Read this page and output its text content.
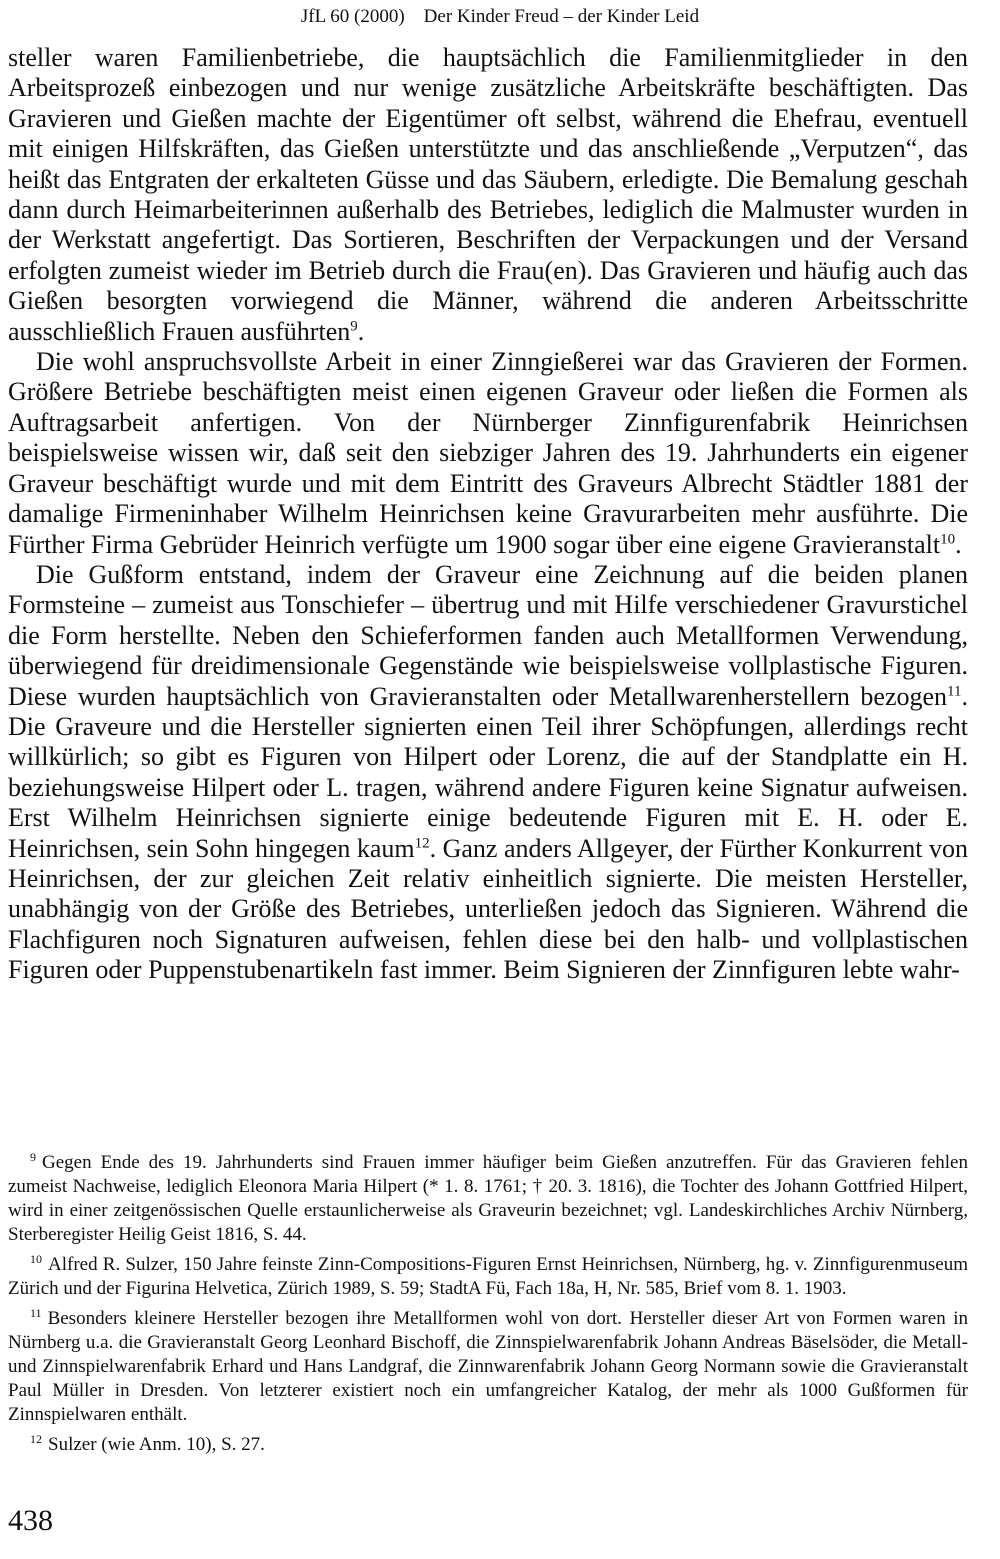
JfL 60 (2000) Der Kinder Freud – der Kinder Leid

steller waren Familienbetriebe, die hauptsächlich die Familienmitglieder in den Arbeitsprozeß einbezogen und nur wenige zusätzliche Arbeitskräfte beschäftigten. Das Gravieren und Gießen machte der Eigentümer oft selbst, während die Ehefrau, eventuell mit einigen Hilfskräften, das Gießen unterstützte und das anschließende „Verputzen“, das heißt das Entgraten der erkalteten Güsse und das Säubern, erledigte. Die Bemalung geschah dann durch Heimarbeiterinnen außerhalb des Betriebes, lediglich die Malmuster wurden in der Werkstatt angefertigt. Das Sortieren, Beschriften der Verpackungen und der Versand erfolgten zumeist wieder im Betrieb durch die Frau(en). Das Gravieren und häufig auch das Gießen besorgten vorwiegend die Männer, während die anderen Arbeitsschritte ausschließlich Frauen ausführten$^9$.

Die wohl anspruchsvollste Arbeit in einer Zinngießerei war das Gravieren der Formen. Größere Betriebe beschäftigten meist einen eigenen Graveur oder ließen die Formen als Auftragsarbeit anfertigen. Von der Nürnberger Zinnfigurenfabrik Heinrichsen beispielsweise wissen wir, daß seit den siebziger Jahren des 19. Jahrhunderts ein eigener Graveur beschäftigt wurde und mit dem Eintritt des Graveurs Albrecht Städtler 1881 der damalige Firmeninhaber Wilhelm Heinrichsen keine Gravurarbeiten mehr ausführte. Die Fürther Firma Gebrüder Heinrich verfügte um 1900 sogar über eine eigene Gravieranstalt$^{10}$.

Die Gußform entstand, indem der Graveur eine Zeichnung auf die beiden planen Formsteine – zumeist aus Tonschiefer – übertrug und mit Hilfe verschiedener Gravurstichel die Form herstellte. Neben den Schieferformen fanden auch Metallformen Verwendung, überwiegend für dreidimensionale Gegenstände wie beispielsweise vollplastische Figuren. Diese wurden hauptsächlich von Gravieranstalten oder Metallwarenherstellern bezogen$^{11}$. Die Graveure und die Hersteller signierten einen Teil ihrer Schöpfungen, allerdings recht willkürlich; so gibt es Figuren von Hilpert oder Lorenz, die auf der Standplatte ein H. beziehungsweise Hilpert oder L. tragen, während andere Figuren keine Signatur aufweisen. Erst Wilhelm Heinrichsen signierte einige bedeutende Figuren mit E. H. oder E. Heinrichsen, sein Sohn hingegen kaum$^{12}$. Ganz anders Allgeyer, der Fürther Konkurrent von Heinrichsen, der zur gleichen Zeit relativ einheitlich signierte. Die meisten Hersteller, unabhängig von der Größe des Betriebes, unterließen jedoch das Signieren. Während die Flachfiguren noch Signaturen aufweisen, fehlen diese bei den halb- und vollplastischen Figuren oder Puppenstubenartikeln fast immer. Beim Signieren der Zinnfiguren lebte wahr-

$^9$ Gegen Ende des 19. Jahrhunderts sind Frauen immer häufiger beim Gießen anzutreffen. Für das Gravieren fehlen zumeist Nachweise, lediglich Eleonora Maria Hilpert (* 1. 8. 1761; † 20. 3. 1816), die Tochter des Johann Gottfried Hilpert, wird in einer zeitgenössischen Quelle erstaunlicherweise als Graveurin bezeichnet; vgl. Landeskirchliches Archiv Nürnberg, Sterberegister Heilig Geist 1816, S. 44.

$^{10}$ Alfred R. Sulzer, 150 Jahre feinste Zinn-Compositions-Figuren Ernst Heinrichsen, Nürnberg, hg. v. Zinnfigurenmuseum Zürich und der Figurina Helvetica, Zürich 1989, S. 59; StadtA Fü, Fach 18a, H, Nr. 585, Brief vom 8. 1. 1903.

$^{11}$ Besonders kleinere Hersteller bezogen ihre Metallformen wohl von dort. Hersteller dieser Art von Formen waren in Nürnberg u.a. die Gravieranstalt Georg Leonhard Bischoff, die Zinnspielwarenfabrik Johann Andreas Bäselsöder, die Metall- und Zinnspielwarenfabrik Erhard und Hans Landgraf, die Zinnwarenfabrik Johann Georg Normann sowie die Gravieranstalt Paul Müller in Dresden. Von letzterer existiert noch ein umfangreicher Katalog, der mehr als 1000 Gußformen für Zinnspielwaren enthält.

$^{12}$ Sulzer (wie Anm. 10), S. 27.

438
